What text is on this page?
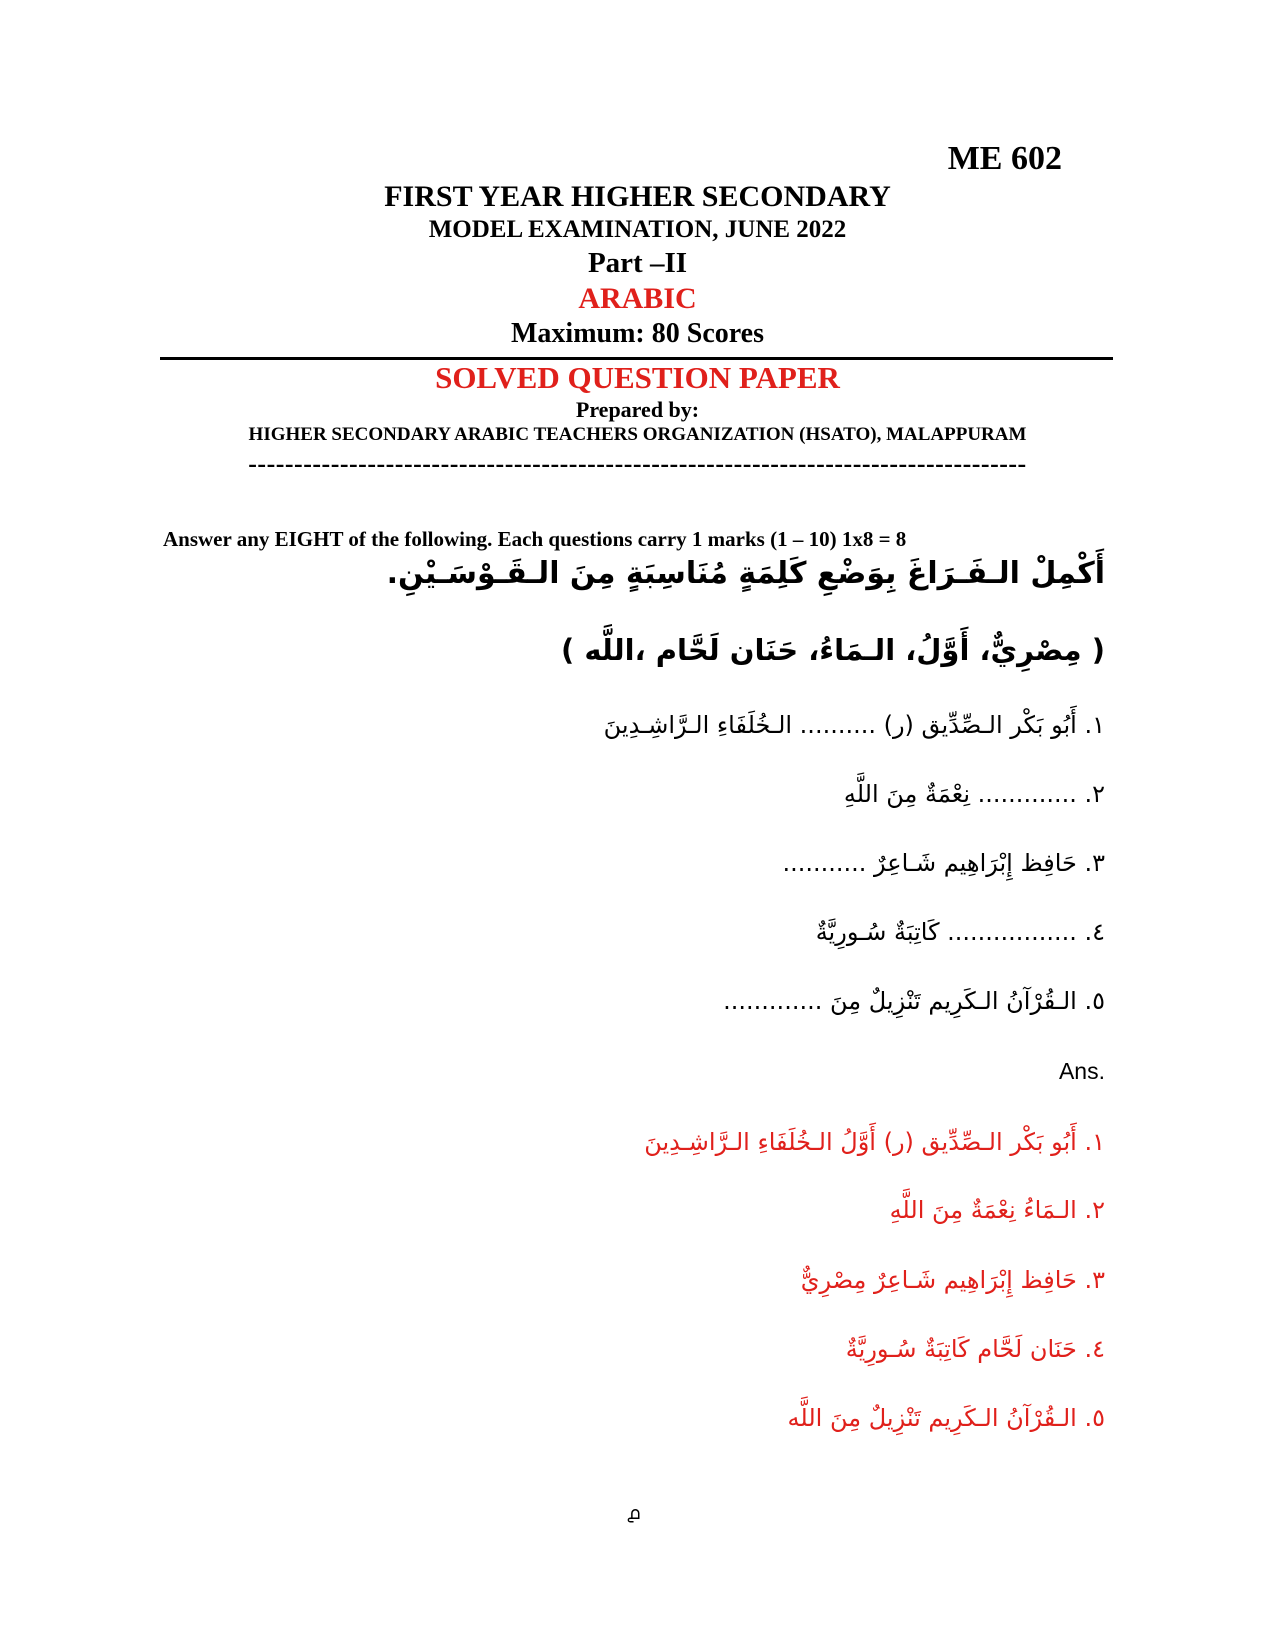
ME 602
FIRST YEAR HIGHER SECONDARY
MODEL EXAMINATION, JUNE 2022
Part –II
ARABIC
Maximum: 80 Scores
SOLVED QUESTION PAPER
Prepared by:
HIGHER SECONDARY ARABIC TEACHERS ORGANIZATION (HSATO), MALAPPURAM
-------------------------------------------------------------------------------------
Answer any EIGHT of the following. Each questions carry 1 marks (1 – 10) 1x8 = 8
أَكْمِلْ الـفَـرَاغَ بِوَضْعِ كَلِمَةٍ مُنَاسِبَةٍ مِنَ الـقَـوْسَـيْنِ.
( مِصْرِيٌّ، أَوَّلُ، الـمَاءُ، حَنَان لَحَّام ،اللَّه )
١. أَبُو بَكْر الـصِّدِّيق (ر) .......... الـخُلَفَاءِ الـرَّاشِـدِينَ
٢. ............. نِعْمَةٌ مِنَ اللَّهِ
٣. حَافِظ إِبْرَاهِيم شَـاعِرٌ ...........
٤. ................. كَاتِبَةٌ سُـورِيَّةٌ
٥. الـقُرْآنُ الـكَرِيم تَنْزِيلٌ مِنَ .............
Ans.
١. أَبُو بَكْر الـصِّدِّيق (ر) أَوَّلُ الـخُلَفَاءِ الـرَّاشِـدِينَ
٢. الـمَاءُ نِعْمَةٌ مِنَ اللَّهِ
٣. حَافِظ إِبْرَاهِيم شَـاعِرٌ مِصْرِيٌّ
٤. حَنَان لَحَّام كَاتِبَةٌ سُـورِيَّةٌ
٥. الـقُرْآنُ الـكَرِيم تَنْزِيلٌ مِنَ اللَّه
൧
